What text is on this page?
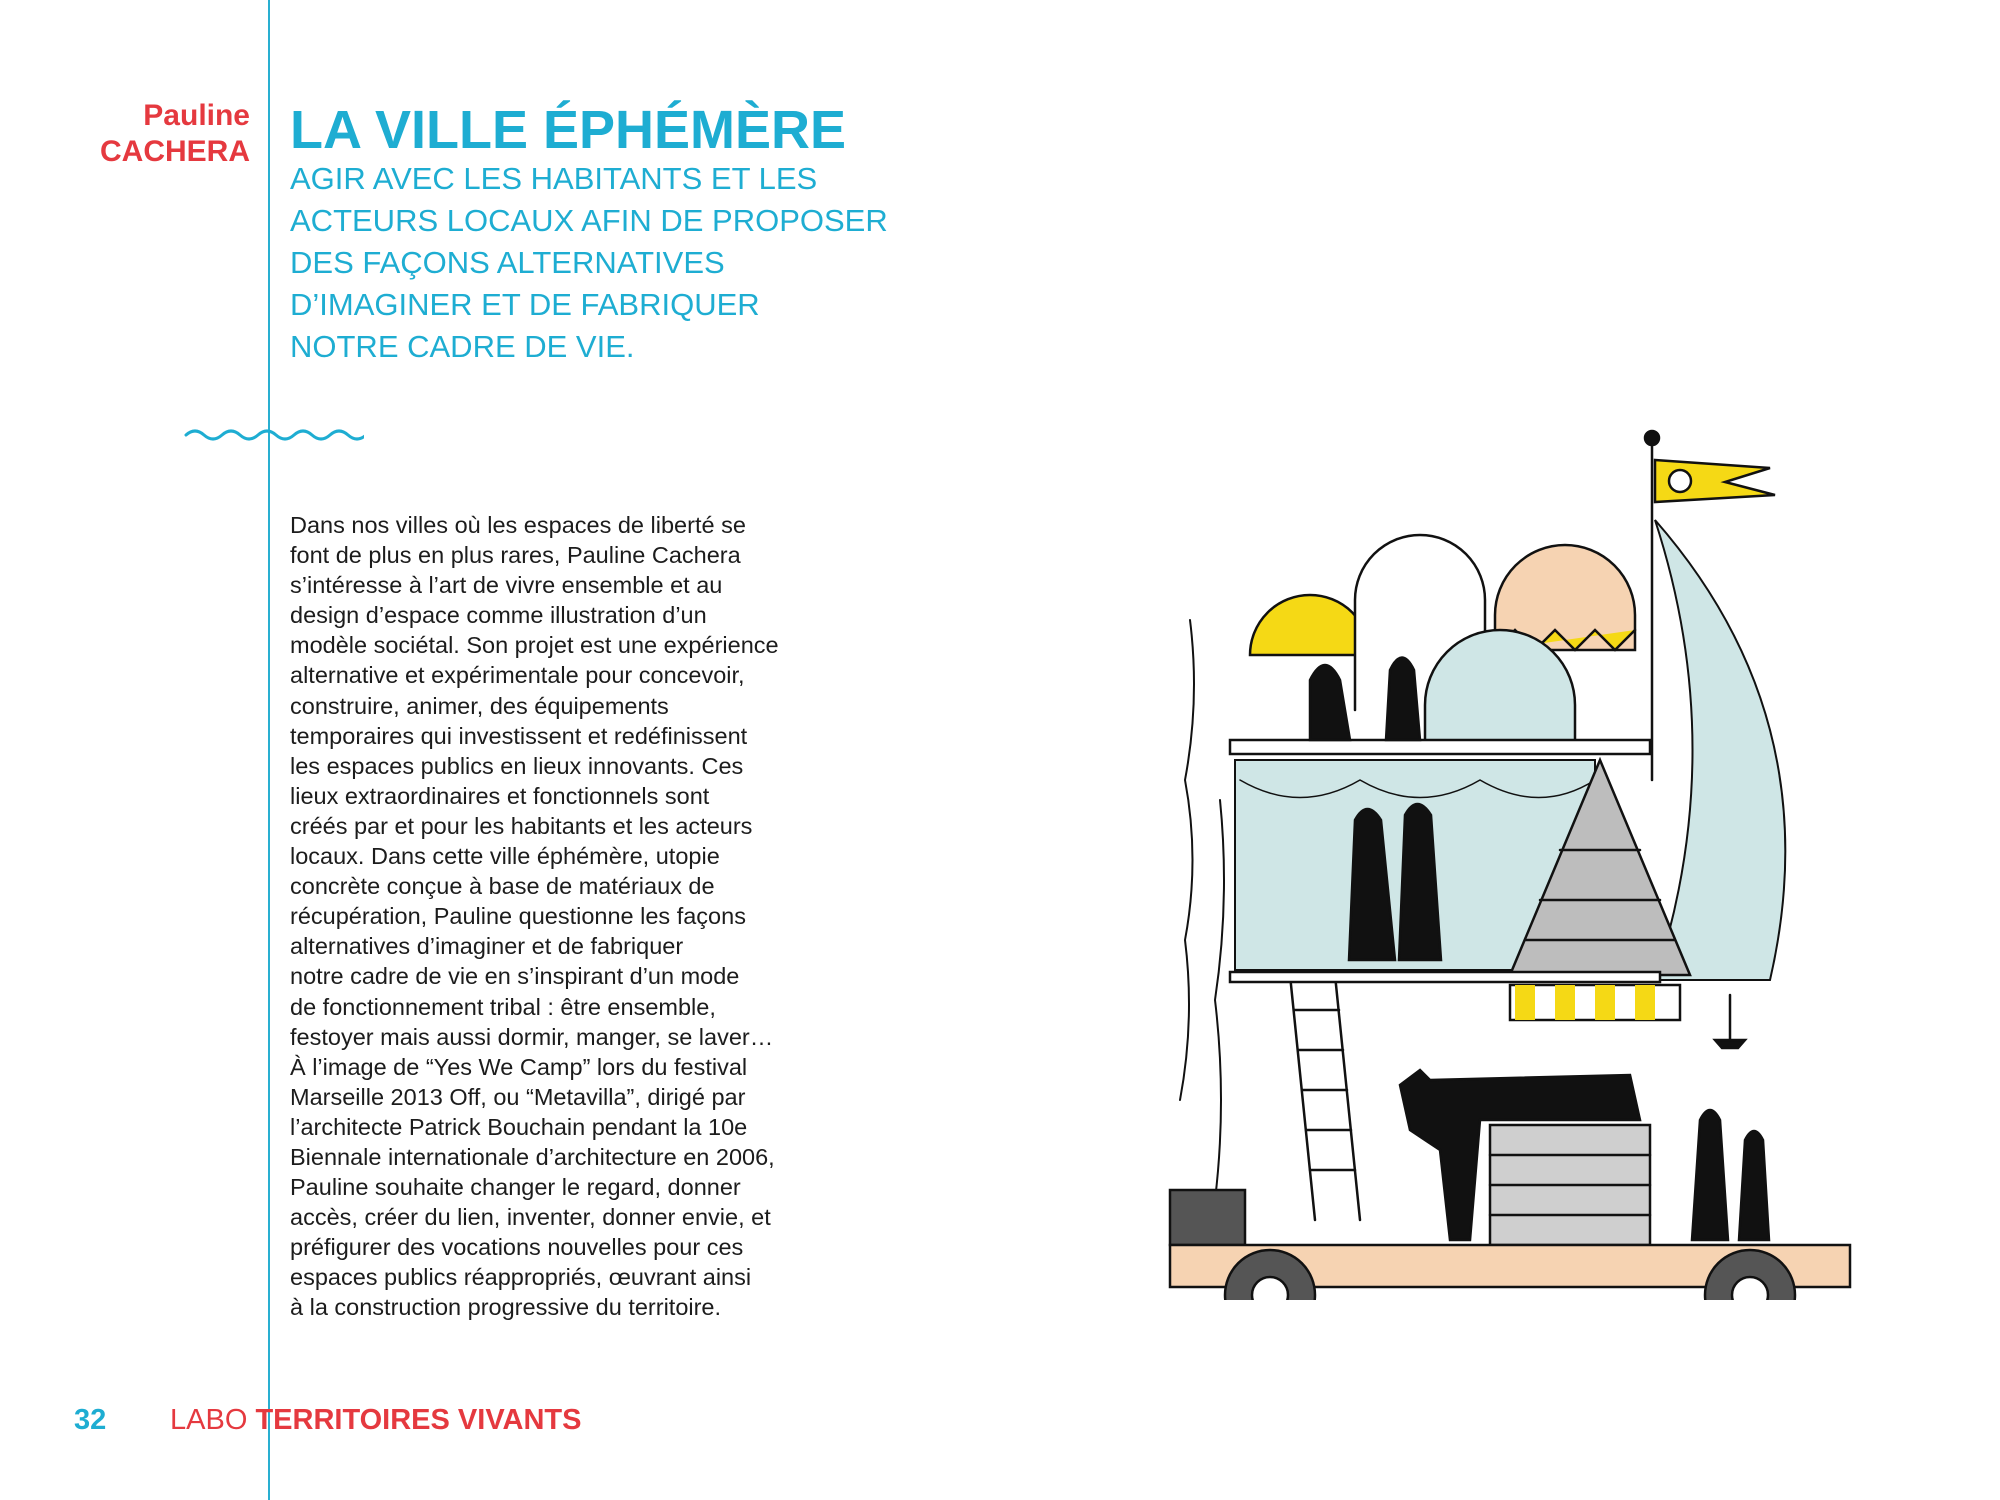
Pauline
CACHERA LA VILLE ÉPHÉMÈRE
AGIR AVEC LES HABITANTS ET LES
ACTEURS LOCAUX AFIN DE PROPOSER
DES FAÇONS ALTERNATIVES
D’IMAGINER ET DE FABRIQUER
NOTRE CADRE DE VIE.
Dans nos villes où les espaces de liberté se
font de plus en plus rares, Pauline Cachera
s’intéresse à l’art de vivre ensemble et au
design d’espace comme illustration d’un
modèle sociétal. Son projet est une expérience
alternative et expérimentale pour concevoir,
construire, animer, des équipements
temporaires qui investissent et redéfinissent
les espaces publics en lieux innovants. Ces
lieux extraordinaires et fonctionnels sont
créés par et pour les habitants et les acteurs
locaux. Dans cette ville éphémère, utopie
concrète conçue à base de matériaux de
récupération, Pauline questionne les façons
alternatives d’imaginer et de fabriquer
notre cadre de vie en s’inspirant d’un mode
de fonctionnement tribal : être ensemble,
festoyer mais aussi dormir, manger, se laver…
À l’image de “Yes We Camp” lors du festival
Marseille 2013 Off, ou “Metavilla”, dirigé par
l’architecte Patrick Bouchain pendant la 10e
Biennale internationale d’architecture en 2006,
Pauline souhaite changer le regard, donner
accès, créer du lien, inventer, donner envie, et
préfigurer des vocations nouvelles pour ces
espaces publics réappropriés, œuvrant ainsi
à la construction progressive du territoire.
32 LABO TERRITOIRES VIVANTS
